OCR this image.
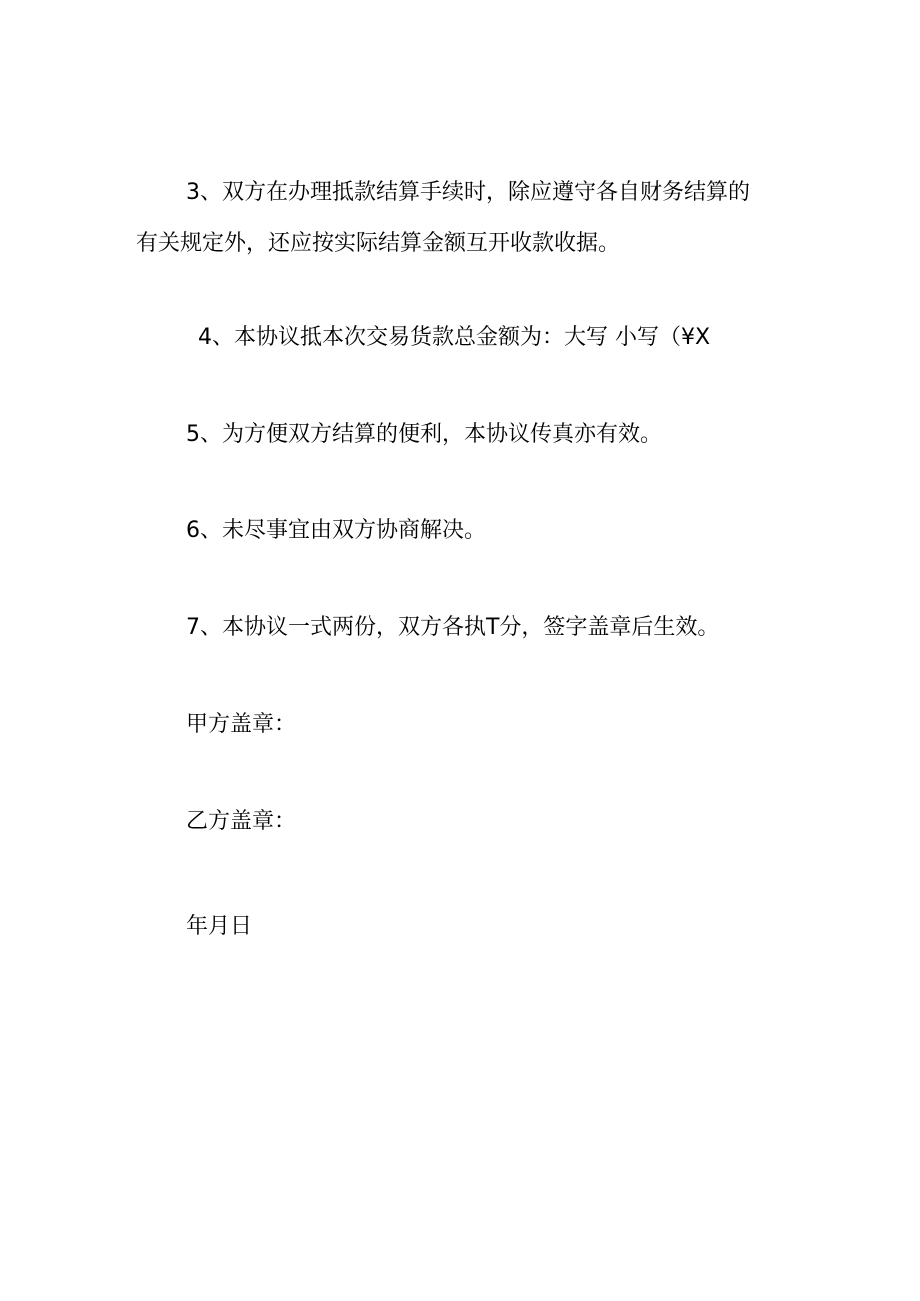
3、双方在办理抵款结算手续时，除应遵守各自财务结算的
有关规定外，还应按实际结算金额互开收款收据。
4、本协议抵本次交易货款总金额为：大写 小写（¥X
5、为方便双方结算的便利，本协议传真亦有效。
6、未尽事宜由双方协商解决。
7、本协议一式两份，双方各执T分，签字盖章后生效。
甲方盖章：
乙方盖章：
年月日
